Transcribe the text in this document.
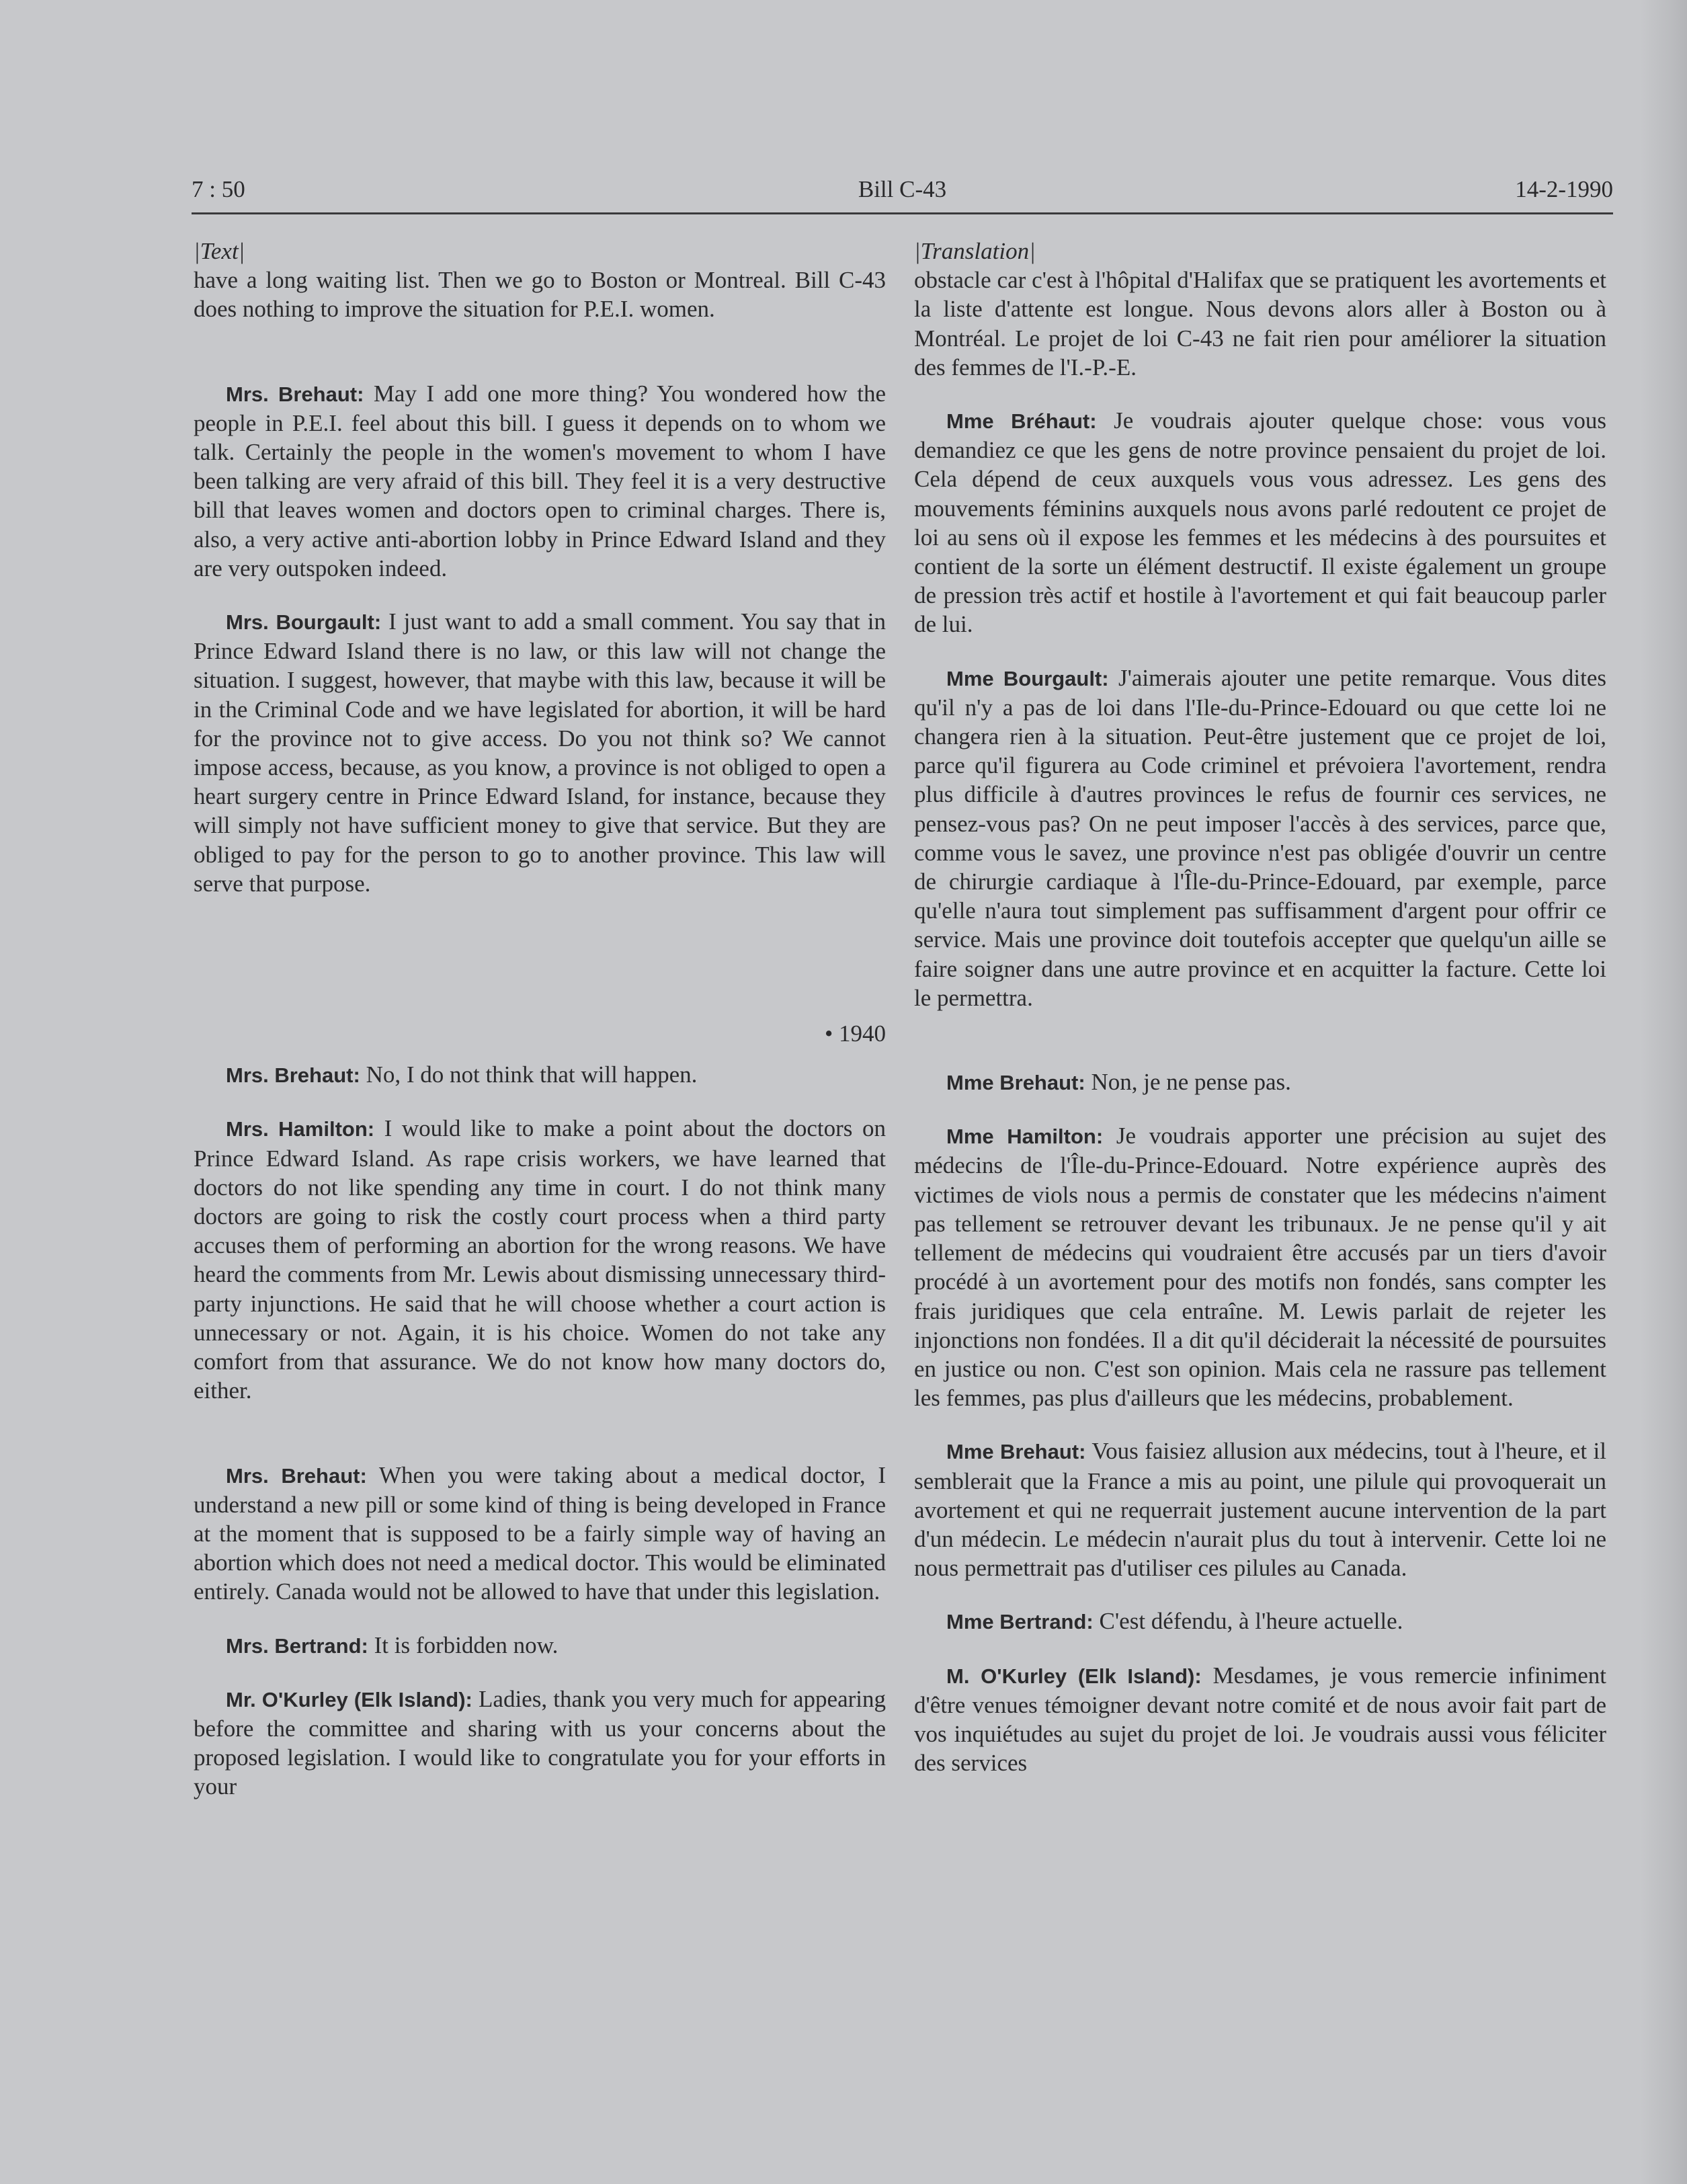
7 : 50	Bill C-43	14-2-1990

|Text|

have a long waiting list. Then we go to Boston or Montreal. Bill C-43 does nothing to improve the situation for P.E.I. women.

Mrs. Brehaut: May I add one more thing? You wondered how the people in P.E.I. feel about this bill. I guess it depends on to whom we talk. Certainly the people in the women's movement to whom I have been talking are very afraid of this bill. They feel it is a very destructive bill that leaves women and doctors open to criminal charges. There is, also, a very active anti-abortion lobby in Prince Edward Island and they are very outspoken indeed.

Mrs. Bourgault: I just want to add a small comment. You say that in Prince Edward Island there is no law, or this law will not change the situation. I suggest, however, that maybe with this law, because it will be in the Criminal Code and we have legislated for abortion, it will be hard for the province not to give access. Do you not think so? We cannot impose access, because, as you know, a province is not obliged to open a heart surgery centre in Prince Edward Island, for instance, because they will simply not have sufficient money to give that service. But they are obliged to pay for the person to go to another province. This law will serve that purpose.

• 1940

Mrs. Brehaut: No, I do not think that will happen.

Mrs. Hamilton: I would like to make a point about the doctors on Prince Edward Island. As rape crisis workers, we have learned that doctors do not like spending any time in court. I do not think many doctors are going to risk the costly court process when a third party accuses them of performing an abortion for the wrong reasons. We have heard the comments from Mr. Lewis about dismissing unnecessary third-party injunctions. He said that he will choose whether a court action is unnecessary or not. Again, it is his choice. Women do not take any comfort from that assurance. We do not know how many doctors do, either.

Mrs. Brehaut: When you were taking about a medical doctor, I understand a new pill or some kind of thing is being developed in France at the moment that is supposed to be a fairly simple way of having an abortion which does not need a medical doctor. This would be eliminated entirely. Canada would not be allowed to have that under this legislation.

Mrs. Bertrand: It is forbidden now.

Mr. O'Kurley (Elk Island): Ladies, thank you very much for appearing before the committee and sharing with us your concerns about the proposed legislation. I would like to congratulate you for your efforts in your

|Translation|

obstacle car c'est à l'hôpital d'Halifax que se pratiquent les avortements et la liste d'attente est longue. Nous devons alors aller à Boston ou à Montréal. Le projet de loi C-43 ne fait rien pour améliorer la situation des femmes de l'I.-P.-E.

Mme Bréhaut: Je voudrais ajouter quelque chose: vous vous demandiez ce que les gens de notre province pensaient du projet de loi. Cela dépend de ceux auxquels vous vous adressez. Les gens des mouvements féminins auxquels nous avons parlé redoutent ce projet de loi au sens où il expose les femmes et les médecins à des poursuites et contient de la sorte un élément destructif. Il existe également un groupe de pression très actif et hostile à l'avortement et qui fait beaucoup parler de lui.

Mme Bourgault: J'aimerais ajouter une petite remarque. Vous dites qu'il n'y a pas de loi dans l'Ile-du-Prince-Edouard ou que cette loi ne changera rien à la situation. Peut-être justement que ce projet de loi, parce qu'il figurera au Code criminel et prévoiera l'avortement, rendra plus difficile à d'autres provinces le refus de fournir ces services, ne pensez-vous pas? On ne peut imposer l'accès à des services, parce que, comme vous le savez, une province n'est pas obligée d'ouvrir un centre de chirurgie cardiaque à l'Île-du-Prince-Edouard, par exemple, parce qu'elle n'aura tout simplement pas suffisamment d'argent pour offrir ce service. Mais une province doit toutefois accepter que quelqu'un aille se faire soigner dans une autre province et en acquitter la facture. Cette loi le permettra.

Mme Brehaut: Non, je ne pense pas.

Mme Hamilton: Je voudrais apporter une précision au sujet des médecins de l'Île-du-Prince-Edouard. Notre expérience auprès des victimes de viols nous a permis de constater que les médecins n'aiment pas tellement se retrouver devant les tribunaux. Je ne pense qu'il y ait tellement de médecins qui voudraient être accusés par un tiers d'avoir procédé à un avortement pour des motifs non fondés, sans compter les frais juridiques que cela entraîne. M. Lewis parlait de rejeter les injonctions non fondées. Il a dit qu'il déciderait la nécessité de poursuites en justice ou non. C'est son opinion. Mais cela ne rassure pas tellement les femmes, pas plus d'ailleurs que les médecins, probablement.

Mme Brehaut: Vous faisiez allusion aux médecins, tout à l'heure, et il semblerait que la France a mis au point, une pilule qui provoquerait un avortement et qui ne requerrait justement aucune intervention de la part d'un médecin. Le médecin n'aurait plus du tout à intervenir. Cette loi ne nous permettrait pas d'utiliser ces pilules au Canada.

Mme Bertrand: C'est défendu, à l'heure actuelle.

M. O'Kurley (Elk Island): Mesdames, je vous remercie infiniment d'être venues témoigner devant notre comité et de nous avoir fait part de vos inquiétudes au sujet du projet de loi. Je voudrais aussi vous féliciter des services
